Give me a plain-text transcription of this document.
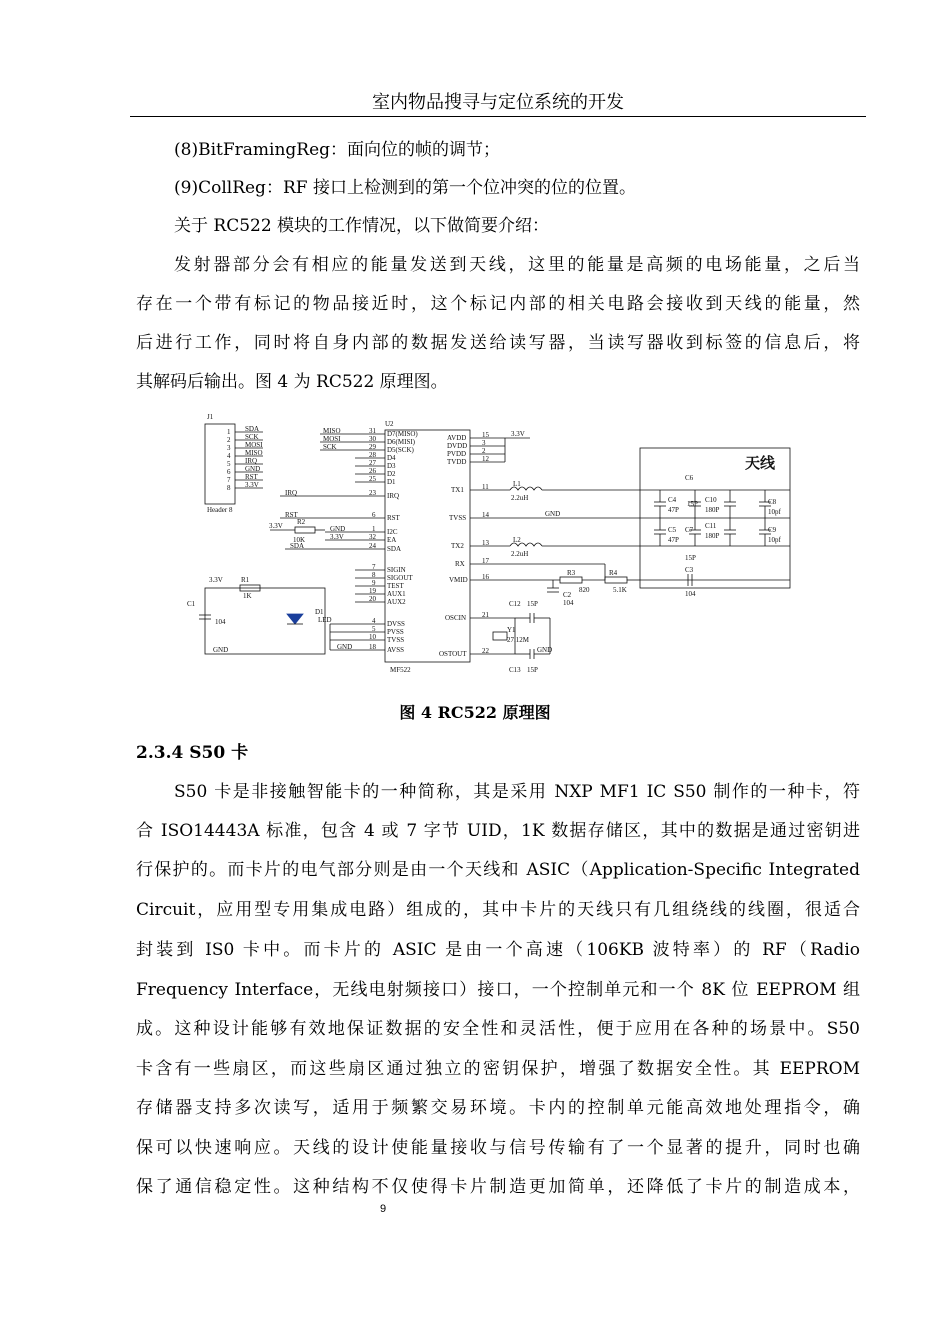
室内物品搜寻与定位系统的开发
(8)BitFramingReg：面向位的帧的调节；
(9)CollReg：RF 接口上检测到的第一个位冲突的位的位置。
关于 RC522 模块的工作情况，以下做简要介绍：
发射器部分会有相应的能量发送到天线，这里的能量是高频的电场能量，之后当
存在一个带有标记的物品接近时，这个标记内部的相关电路会接收到天线的能量，然
后进行工作，同时将自身内部的数据发送给读写器，当读写器收到标签的信息后，将
其解码后输出。图 4 为 RC522 原理图。
J1
Header 8
1
2
3
4
5
6
7
8
SDA
SCK
MOSI
MISO
IRQ
GND
RST
3.3V
U2
MF522
31 D7(MISO)
MISO
30 D6(MISI)
MOSI
29 D5(SCK)
SCK
28 D4
27 D3
26 D2
25 D1
23 IRQ
IRQ
6 RST
RST
1 I2C
GND
32 EA
3.3V
24 SDA
SDA
7 SIGIN
8 SIGOUT
9 TEST
19 AUX1
20 AUX2
4 DVSS
5 PVSS
10 TVSS
18 AVSS
GND
AVDD 15
DVDD 3
PVDD 2
TVDD 12
TX1	11
TVSS 14
TX2	13
RX 17
VMID 16
OSCIN 21
OSTOUT 22
3.3V
L1
2.2uH
GND
L2
2.2uH
R3
820
R4
5.1K
C2
104
C3
104
C12 15P
C13 15P
Y1
27.12M
GND
天线
C6
15P
C4
47P
C10
180P
C8
10pf
C5
47P
C7
15P
C11
180P
C9
10pf
3.3V	R1
1K
C1
104
GND
D1
LED
R2
10K
3.3V
图 4 RC522 原理图
2.3.4 S50 卡
S50 卡是非接触智能卡的一种简称，其是采用 NXP MF1 IC S50 制作的一种卡，符
合 ISO14443A 标准，包含 4 或 7 字节 UID，1K 数据存储区，其中的数据是通过密钥进
行保护的。而卡片的电气部分则是由一个天线和 ASIC（Application-Specific Integrated
Circuit，应用型专用集成电路）组成的，其中卡片的天线只有几组绕线的线圈，很适合
封装到 IS0 卡中。而卡片的 ASIC 是由一个高速（106KB 波特率）的 RF（Radio
Frequency Interface，无线电射频接口）接口，一个控制单元和一个 8K 位 EEPROM 组
成。这种设计能够有效地保证数据的安全性和灵活性，便于应用在各种的场景中。S50
卡含有一些扇区，而这些扇区通过独立的密钥保护，增强了数据安全性。其 EEPROM
存储器支持多次读写，适用于频繁交易环境。卡内的控制单元能高效地处理指令，确
保可以快速响应。天线的设计使能量接收与信号传输有了一个显著的提升，同时也确
保了通信稳定性。这种结构不仅使得卡片制造更加简单，还降低了卡片的制造成本，
9
